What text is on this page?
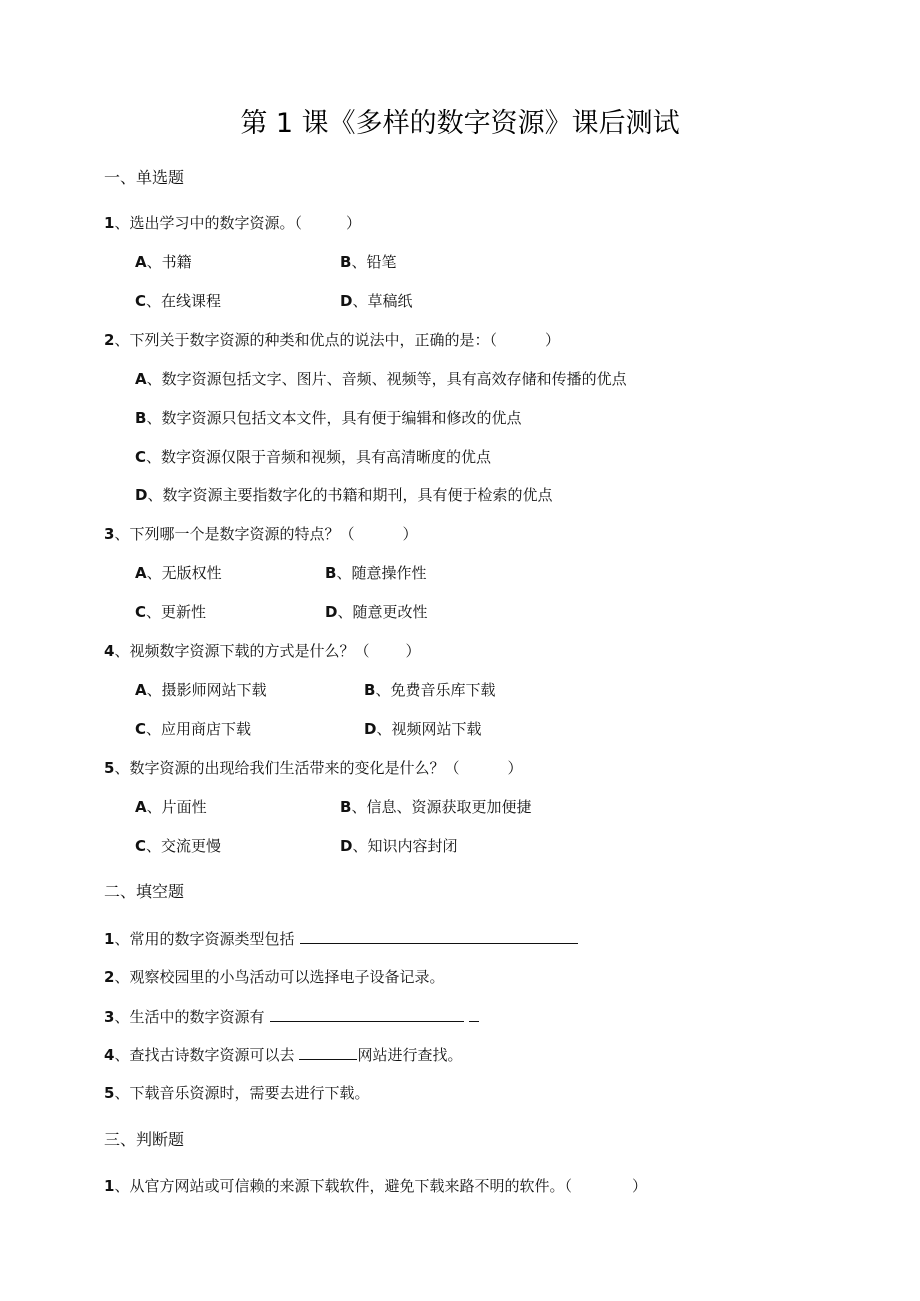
第 1 课《多样的数字资源》课后测试
一、单选题
1、选出学习中的数字资源。（	）
A、书籍	B、铅笔
C、在线课程	D、草稿纸
2、下列关于数字资源的种类和优点的说法中，正确的是：（	）
A、数字资源包括文字、图片、音频、视频等，具有高效存储和传播的优点
B、数字资源只包括文本文件，具有便于编辑和修改的优点
C、数字资源仅限于音频和视频，具有高清晰度的优点
D、数字资源主要指数字化的书籍和期刊，具有便于检索的优点
3、下列哪一个是数字资源的特点？（	）
A、无版权性	B、随意操作性
C、更新性	D、随意更改性
4、视频数字资源下载的方式是什么？（ ）
A、摄影师网站下载	B、免费音乐库下载
C、应用商店下载	D、视频网站下载
5、数字资源的出现给我们生活带来的变化是什么？（	）
A、片面性	B、信息、资源获取更加便捷
C、交流更慢	D、知识内容封闭
二、填空题
1、常用的数字资源类型包括
2、观察校园里的小鸟活动可以选择电子设备记录。
3、生活中的数字资源有
4、查找古诗数字资源可以去	网站进行查找。
5、下载音乐资源时，需要去进行下载。
三、判断题
1、从官方网站或可信赖的来源下载软件，避免下载来路不明的软件。（	）
